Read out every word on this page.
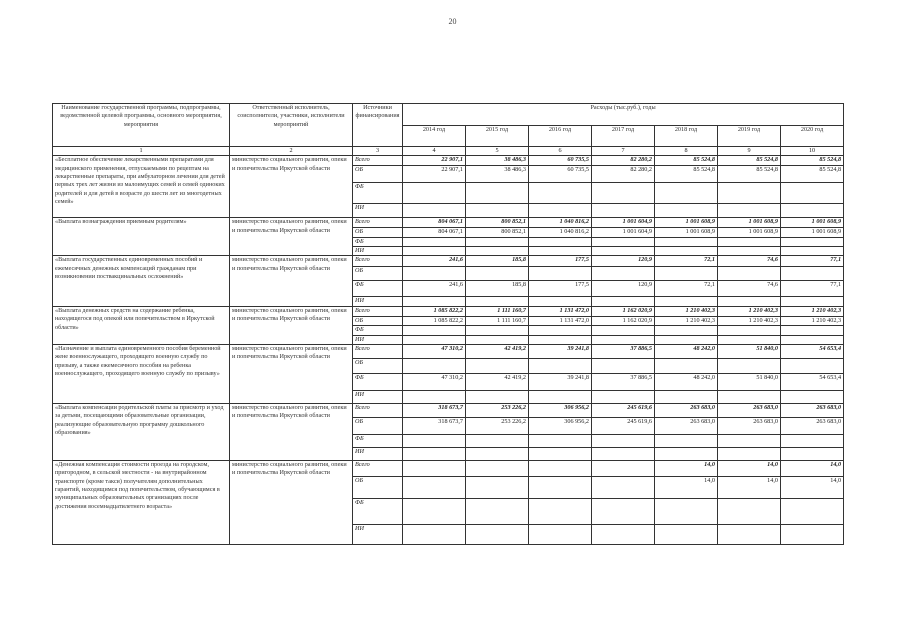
20
Наименование государственной программы, подпрограммы, ведомственной целевой программы, основного мероприятия, мероприятия	Ответственный исполнитель, соисполнители, участники, исполнители мероприятий	Источники финансирования	Расходы (тыс.руб.), годы						
			2014 год	2015 год	2016 год	2017 год	2018 год	2019 год	2020 год
1	2	3	4	5	6	7	8	9	10
«Бесплатное обеспечение лекарственными препаратами для медицинского применения, отпускаемыми по рецептам на лекарственные препараты, при амбулаторном лечении для детей первых трех лет жизни из малоимущих семей и семей одиноких родителей и для детей в возрасте до шести лет из многодетных семей»	министерство социального развития, опеки и попечительства Иркутской области	Всего	22 907,1	38 486,3	60 735,5	82 280,2	85 524,8	85 524,8	85 524,8
		ОБ	22 907,1	38 486,3	60 735,5	82 280,2	85 524,8	85 524,8	85 524,8
		ФБ							
		ИИ							
«Выплата вознаграждения приемным родителям»	министерство социального развития, опеки и попечительства Иркутской области	Всего	804 067,1	800 852,1	1 040 816,2	1 001 604,9	1 001 608,9	1 001 608,9	1 001 608,9
		ОБ	804 067,1	800 852,1	1 040 816,2	1 001 604,9	1 001 608,9	1 001 608,9	1 001 608,9
		ФБ							
		ИИ							
«Выплата государственных единовременных пособий и ежемесячных денежных компенсаций гражданам при возникновении поствакцинальных осложнений»	министерство социального развития, опеки и попечительства Иркутской области	Всего	241,6	185,8	177,5	120,9	72,1	74,6	77,1
		ОБ							
		ФБ	241,6	185,8	177,5	120,9	72,1	74,6	77,1
		ИИ							
«Выплата денежных средств на содержание ребенка, находящегося под опекой или попечительством в Иркутской области»	министерство социального развития, опеки и попечительства Иркутской области	Всего	1 085 822,2	1 111 160,7	1 131 472,0	1 162 020,9	1 210 402,3	1 210 402,3	1 210 402,3
		ОБ	1 085 822,2	1 111 160,7	1 131 472,0	1 162 020,9	1 210 402,3	1 210 402,3	1 210 402,3
		ФБ							
		ИИ							
«Назначение и выплата единовременного пособия беременной жене военнослужащего, проходящего военную службу по призыву, а также ежемесячного пособия на ребенка военнослужащего, проходящего военную службу по призыву»	министерство социального развития, опеки и попечительства Иркутской области	Всего	47 310,2	42 419,2	39 241,8	37 886,5	48 242,0	51 840,0	54 653,4
		ОБ							
		ФБ	47 310,2	42 419,2	39 241,8	37 886,5	48 242,0	51 840,0	54 653,4
		ИИ							
«Выплата компенсации родительской платы за присмотр и уход за детьми, посещающими образовательные организации, реализующие образовательную программу дошкольного образования»	министерство социального развития, опеки и попечительства Иркутской области	Всего	318 673,7	253 226,2	306 956,2	245 619,6	263 683,0	263 683,0	263 683,0
		ОБ	318 673,7	253 226,2	306 956,2	245 619,6	263 683,0	263 683,0	263 683,0
		ФБ							
		ИИ							
«Денежная компенсация стоимости проезда на городском, пригородном, в сельской местности - на внутрирайонном транспорте (кроме такси) получателям дополнительных гарантий, находящимся под попечительством, обучающимся в муниципальных образовательных организациях после достижения восемнадцатилетнего возраста»	министерство социального развития, опеки и попечительства Иркутской области	Всего					14,0	14,0	14,0
		ОБ					14,0	14,0	14,0
		ФБ							
		ИИ							
